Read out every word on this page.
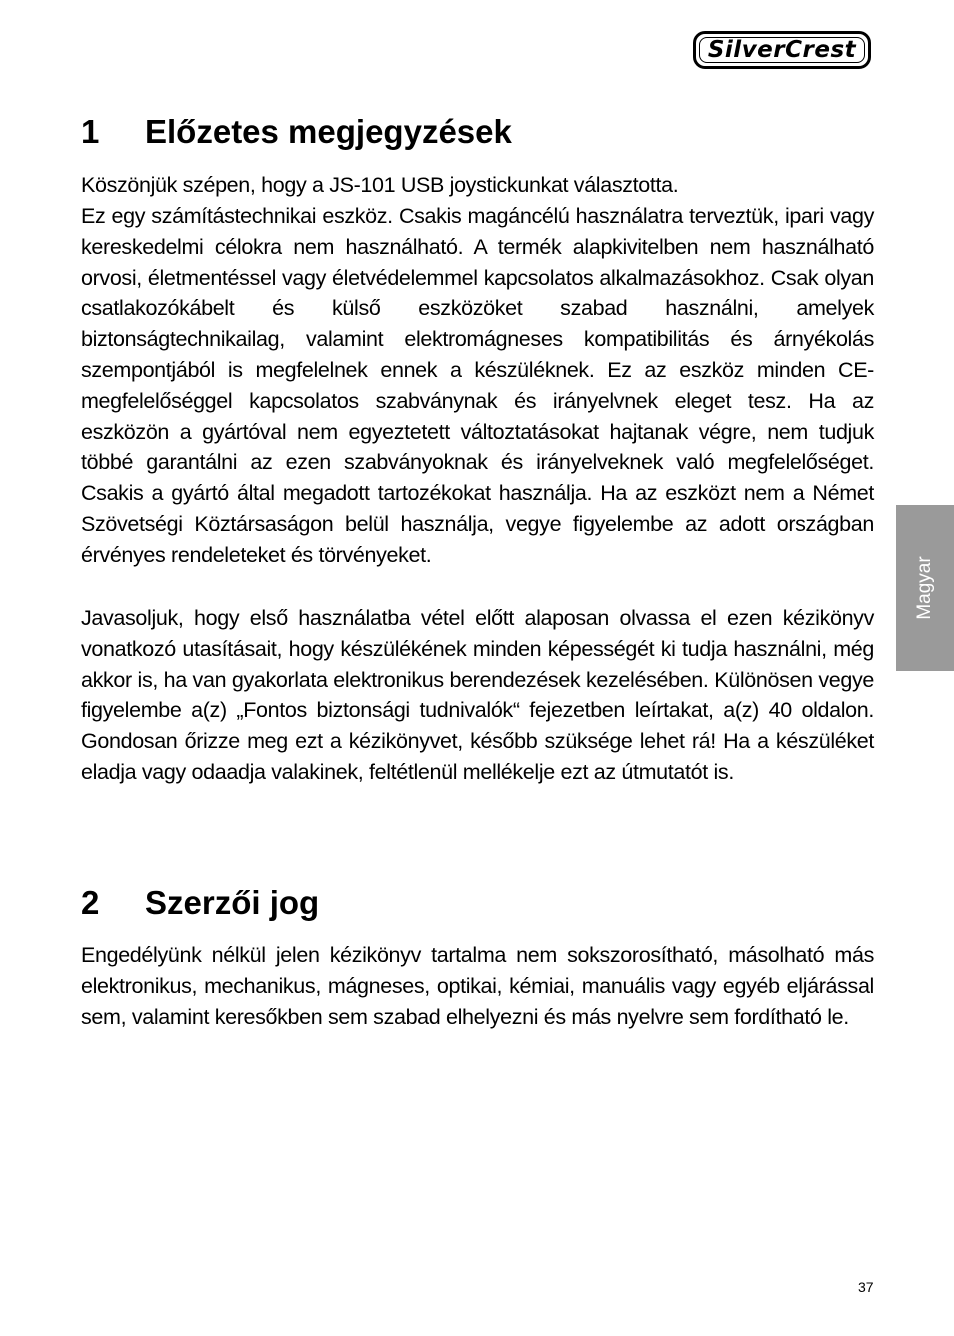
SilverCrest
1 Előzetes megjegyzések

Köszönjük szépen, hogy a JS-101 USB joystickunkat választotta.

Ez egy számítástechnikai eszköz. Csakis magáncélú használatra terveztük, ipari vagy kereskedelmi célokra nem használható. A termék alapkivitelben nem használható orvosi, életmentéssel vagy életvédelemmel kapcsolatos alkalmazásokhoz. Csak olyan csatlakozókábelt és külső eszközöket szabad használni, amelyek biztonságtechnikailag, valamint elektromágneses kompatibilitás és árnyékolás szempontjából is megfelelnek ennek a készüléknek. Ez az eszköz minden CE-megfelelőséggel kapcsolatos szabványnak és irányelvnek eleget tesz. Ha az eszközön a gyártóval nem egyeztetett változtatásokat hajtanak végre, nem tudjuk többé garantálni az ezen szabványoknak és irányelveknek való megfelelőséget. Csakis a gyártó által megadott tartozékokat használja. Ha az eszközt nem a Német Szövetségi Köztársaságon belül használja, vegye figyelembe az adott országban érvényes rendeleteket és törvényeket.

Javasoljuk, hogy első használatba vétel előtt alaposan olvassa el ezen kézikönyv vonatkozó utasításait, hogy készülékének minden képességét ki tudja használni, még akkor is, ha van gyakorlata elektronikus berendezések kezelésében. Különösen vegye figyelembe a(z) „Fontos biztonsági tudnivalók“ fejezetben leírtakat, a(z) 40 oldalon. Gondosan őrizze meg ezt a kézikönyvet, később szüksége lehet rá! Ha a készüléket eladja vagy odaadja valakinek, feltétlenül mellékelje ezt az útmutatót is.

2 Szerzői jog

Engedélyünk nélkül jelen kézikönyv tartalma nem sokszorosítható, másolható más elektronikus, mechanikus, mágneses, optikai, kémiai, manuális vagy egyéb eljárással sem, valamint keresőkben sem szabad elhelyezni és más nyelvre sem fordítható le.

Magyar
37
